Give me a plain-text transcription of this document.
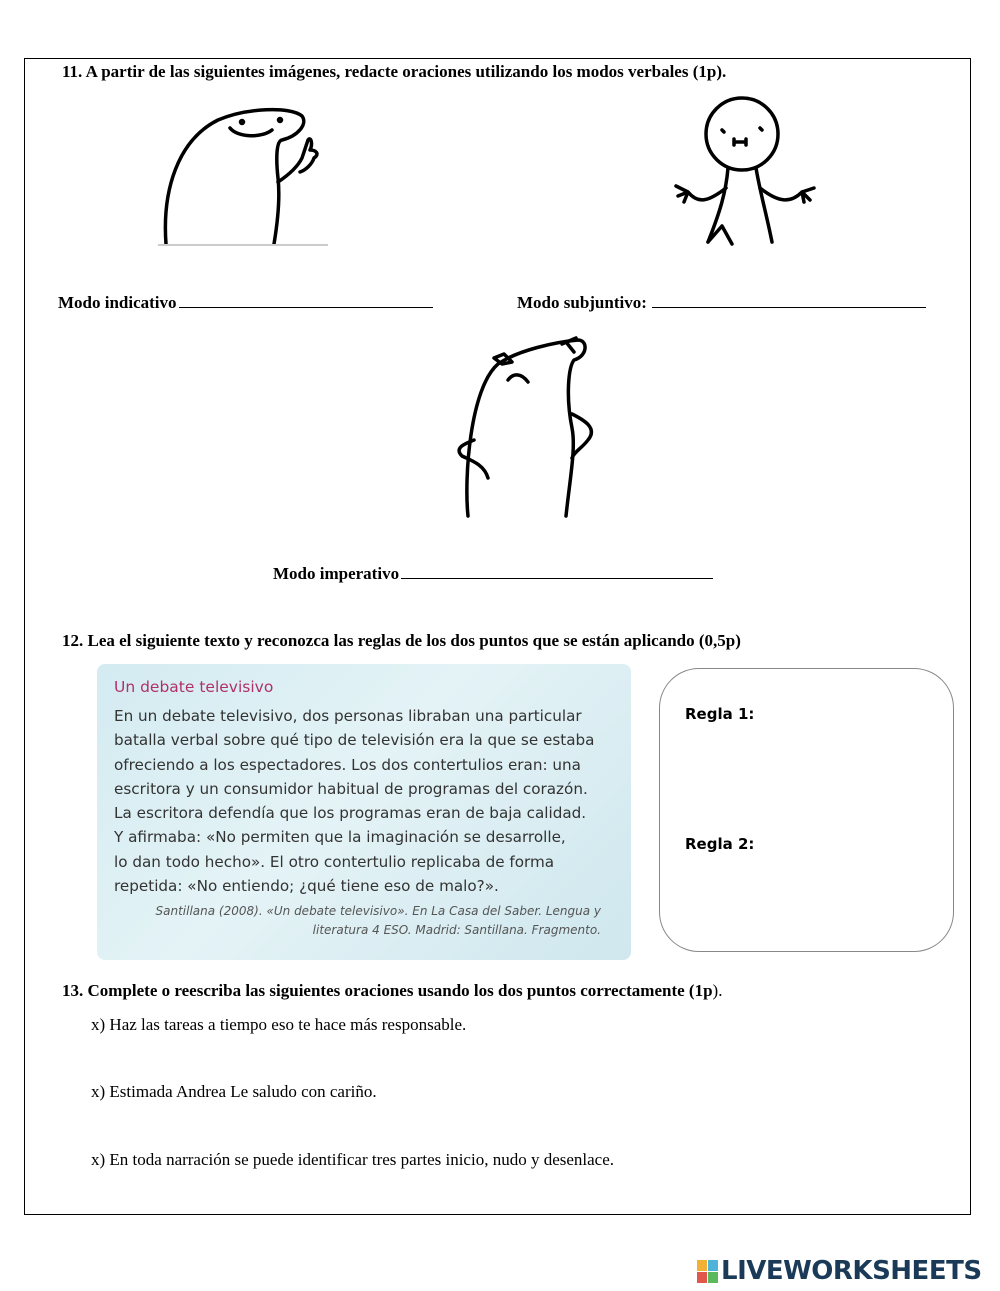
11. A partir de las siguientes imágenes, redacte oraciones utilizando los modos verbales (1p).
Modo indicativo	Modo subjuntivo:
Modo imperativo
12. Lea el siguiente texto y reconozca las reglas de los dos puntos que se están aplicando (0,5p)
Un debate televisivo
En un debate televisivo, dos personas libraban una particular
batalla verbal sobre qué tipo de televisión era la que se estaba
ofreciendo a los espectadores. Los dos contertulios eran: una
escritora y un consumidor habitual de programas del corazón.
La escritora defendía que los programas eran de baja calidad.
Y afirmaba: «No permiten que la imaginación se desarrolle,
lo dan todo hecho». El otro contertulio replicaba de forma
repetida: «No entiendo; ¿qué tiene eso de malo?».
Santillana (2008). «Un debate televisivo». En La Casa del Saber. Lengua y
literatura 4 ESO. Madrid: Santillana. Fragmento.
Regla 1:
Regla 2:
13. Complete o reescriba las siguientes oraciones usando los dos puntos correctamente (1p).
x) Haz las tareas a tiempo eso te hace más responsable.
x) Estimada Andrea Le saludo con cariño.
x) En toda narración se puede identificar tres partes inicio, nudo y desenlace.
LIVEWORKSHEETS
